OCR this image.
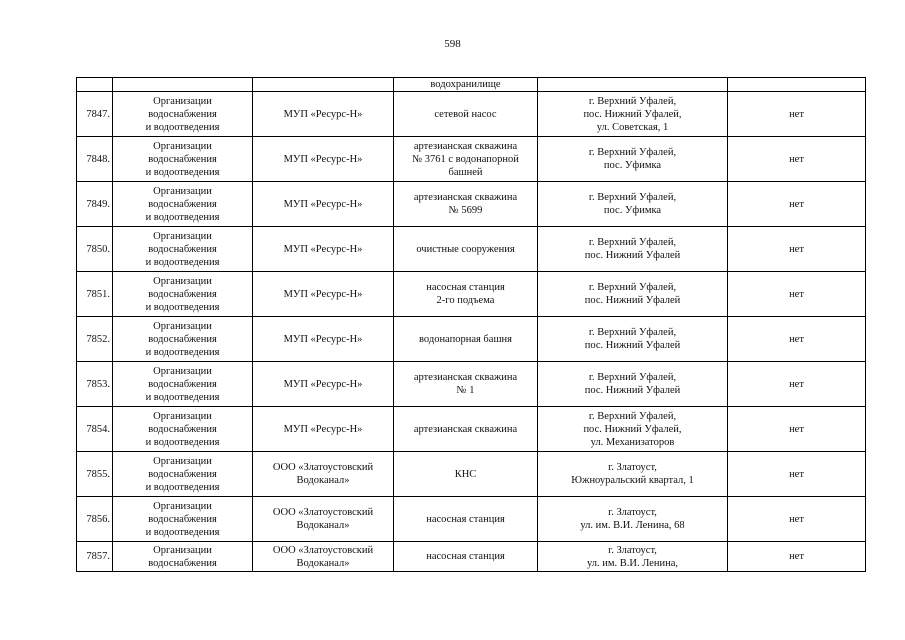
598
			водохранилище		
7847.	Организации
водоснабжения
и водоотведения	МУП «Ресурс-Н»	сетевой насос	г. Верхний Уфалей,
пос. Нижний Уфалей,
ул. Советская, 1	нет
7848.	Организации
водоснабжения
и водоотведения	МУП «Ресурс-Н»	артезианская скважина
№ 3761 с водонапорной
башней	г. Верхний Уфалей,
пос. Уфимка	нет
7849.	Организации
водоснабжения
и водоотведения	МУП «Ресурс-Н»	артезианская скважина
№ 5699	г. Верхний Уфалей,
пос. Уфимка	нет
7850.	Организации
водоснабжения
и водоотведения	МУП «Ресурс-Н»	очистные сооружения	г. Верхний Уфалей,
пос. Нижний Уфалей	нет
7851.	Организации
водоснабжения
и водоотведения	МУП «Ресурс-Н»	насосная станция
2-го подъема	г. Верхний Уфалей,
пос. Нижний Уфалей	нет
7852.	Организации
водоснабжения
и водоотведения	МУП «Ресурс-Н»	водонапорная башня	г. Верхний Уфалей,
пос. Нижний Уфалей	нет
7853.	Организации
водоснабжения
и водоотведения	МУП «Ресурс-Н»	артезианская скважина
№ 1	г. Верхний Уфалей,
пос. Нижний Уфалей	нет
7854.	Организации
водоснабжения
и водоотведения	МУП «Ресурс-Н»	артезианская скважина	г. Верхний Уфалей,
пос. Нижний Уфалей,
ул. Механизаторов	нет
7855.	Организации
водоснабжения
и водоотведения	ООО «Златоустовский
Водоканал»	КНС	г. Златоуст,
Южноуральский квартал, 1	нет
7856.	Организации
водоснабжения
и водоотведения	ООО «Златоустовский
Водоканал»	насосная станция	г. Златоуст,
ул. им. В.И. Ленина, 68	нет
7857.	Организации
водоснабжения	ООО «Златоустовский
Водоканал»	насосная станция	г. Златоуст,
ул. им. В.И. Ленина,	нет
